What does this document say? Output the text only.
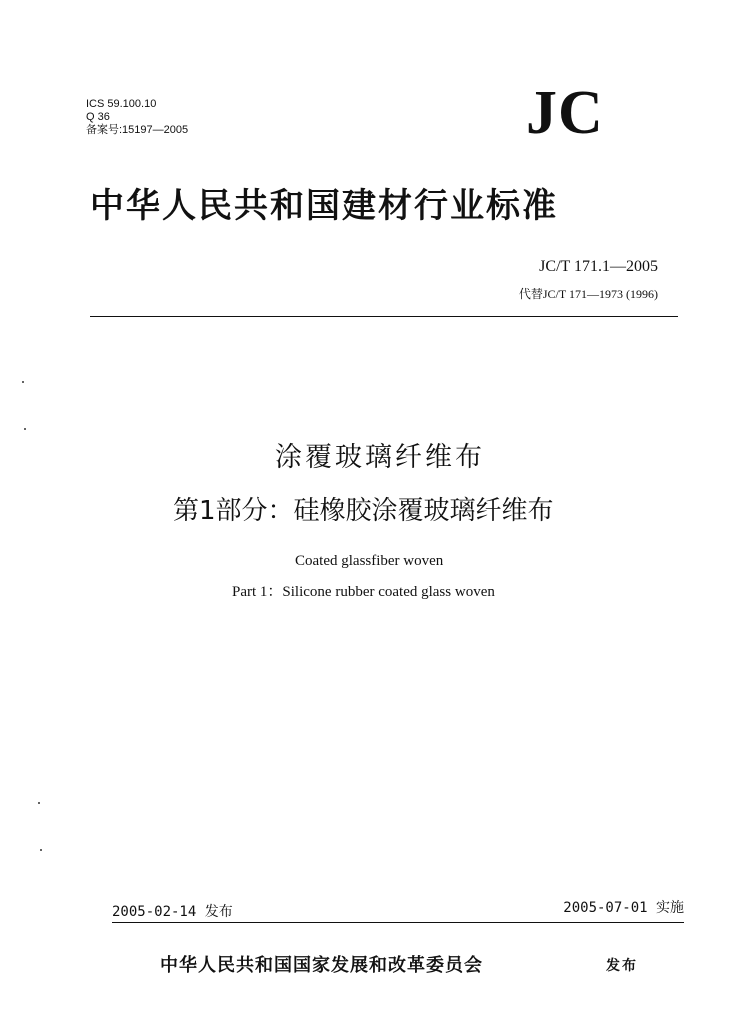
ICS 59.100.10
Q 36
备案号:15197—2005	JC
中华人民共和国建材行业标准
JC/T 171.1—2005
代替JC/T 171—1973 (1996)
涂覆玻璃纤维布
第1部分：硅橡胶涂覆玻璃纤维布
Coated glassfiber woven
Part 1：Silicone rubber coated glass woven
2005-02-14 发布	2005-07-01 实施
中华人民共和国国家发展和改革委员会	发布
